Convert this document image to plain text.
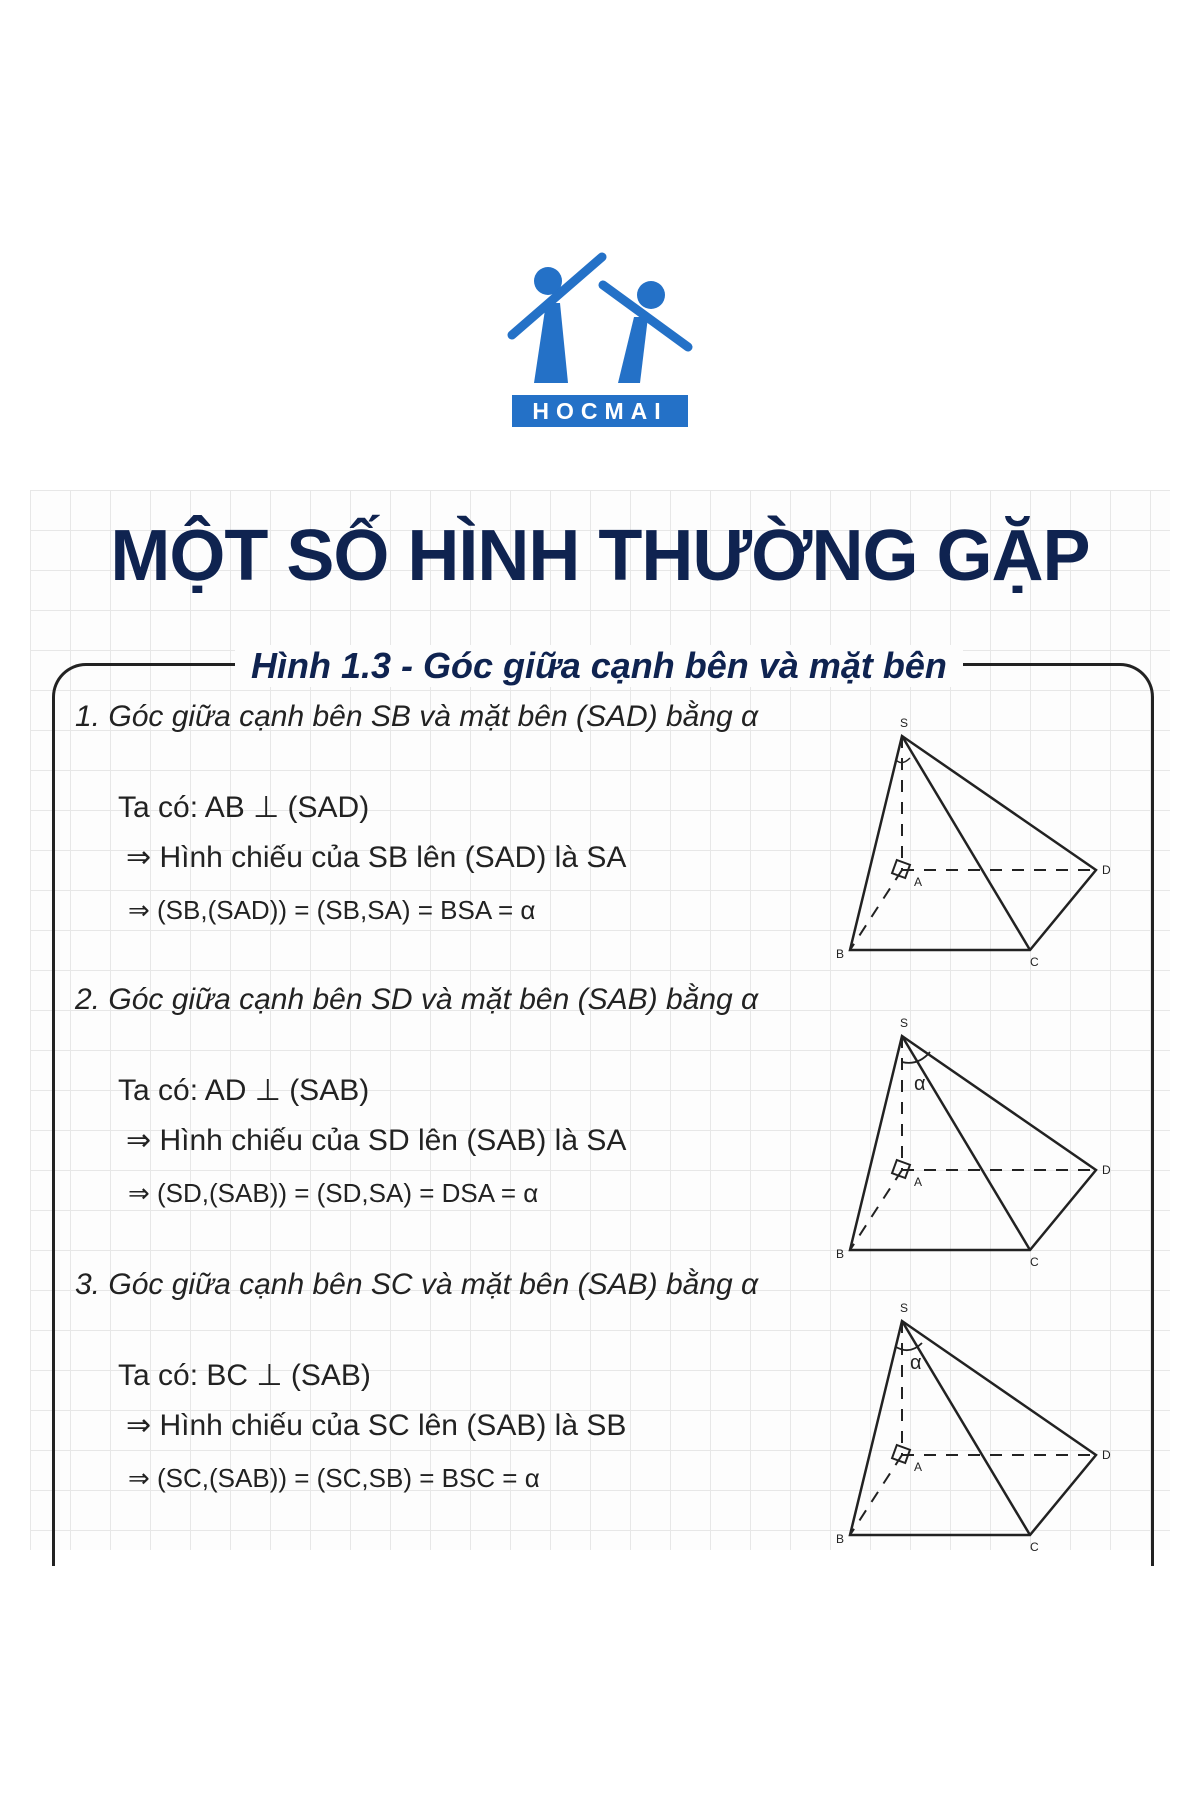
HOCMAI
MỘT SỐ HÌNH THƯỜNG GẶP
Hình 1.3 - Góc giữa cạnh bên và mặt bên
1. Góc giữa cạnh bên SB và mặt bên (SAD) bằng α
Ta có: AB ⊥ (SAD)
⇒ Hình chiếu của SB lên (SAD) là SA
⇒ (SB,(SAD)) = (SB,SA) = BSA = α
S
A
B
C
D
2. Góc giữa cạnh bên SD và mặt bên (SAB) bằng α
Ta có: AD ⊥ (SAB)
⇒ Hình chiếu của SD lên (SAB) là SA
⇒ (SD,(SAB)) = (SD,SA) = DSA = α
α
S
A
B
C
D
3. Góc giữa cạnh bên SC và mặt bên (SAB) bằng α
Ta có: BC ⊥ (SAB)
⇒ Hình chiếu của SC lên (SAB) là SB
⇒ (SC,(SAB)) = (SC,SB) = BSC = α
α
S
A
B
C
D
